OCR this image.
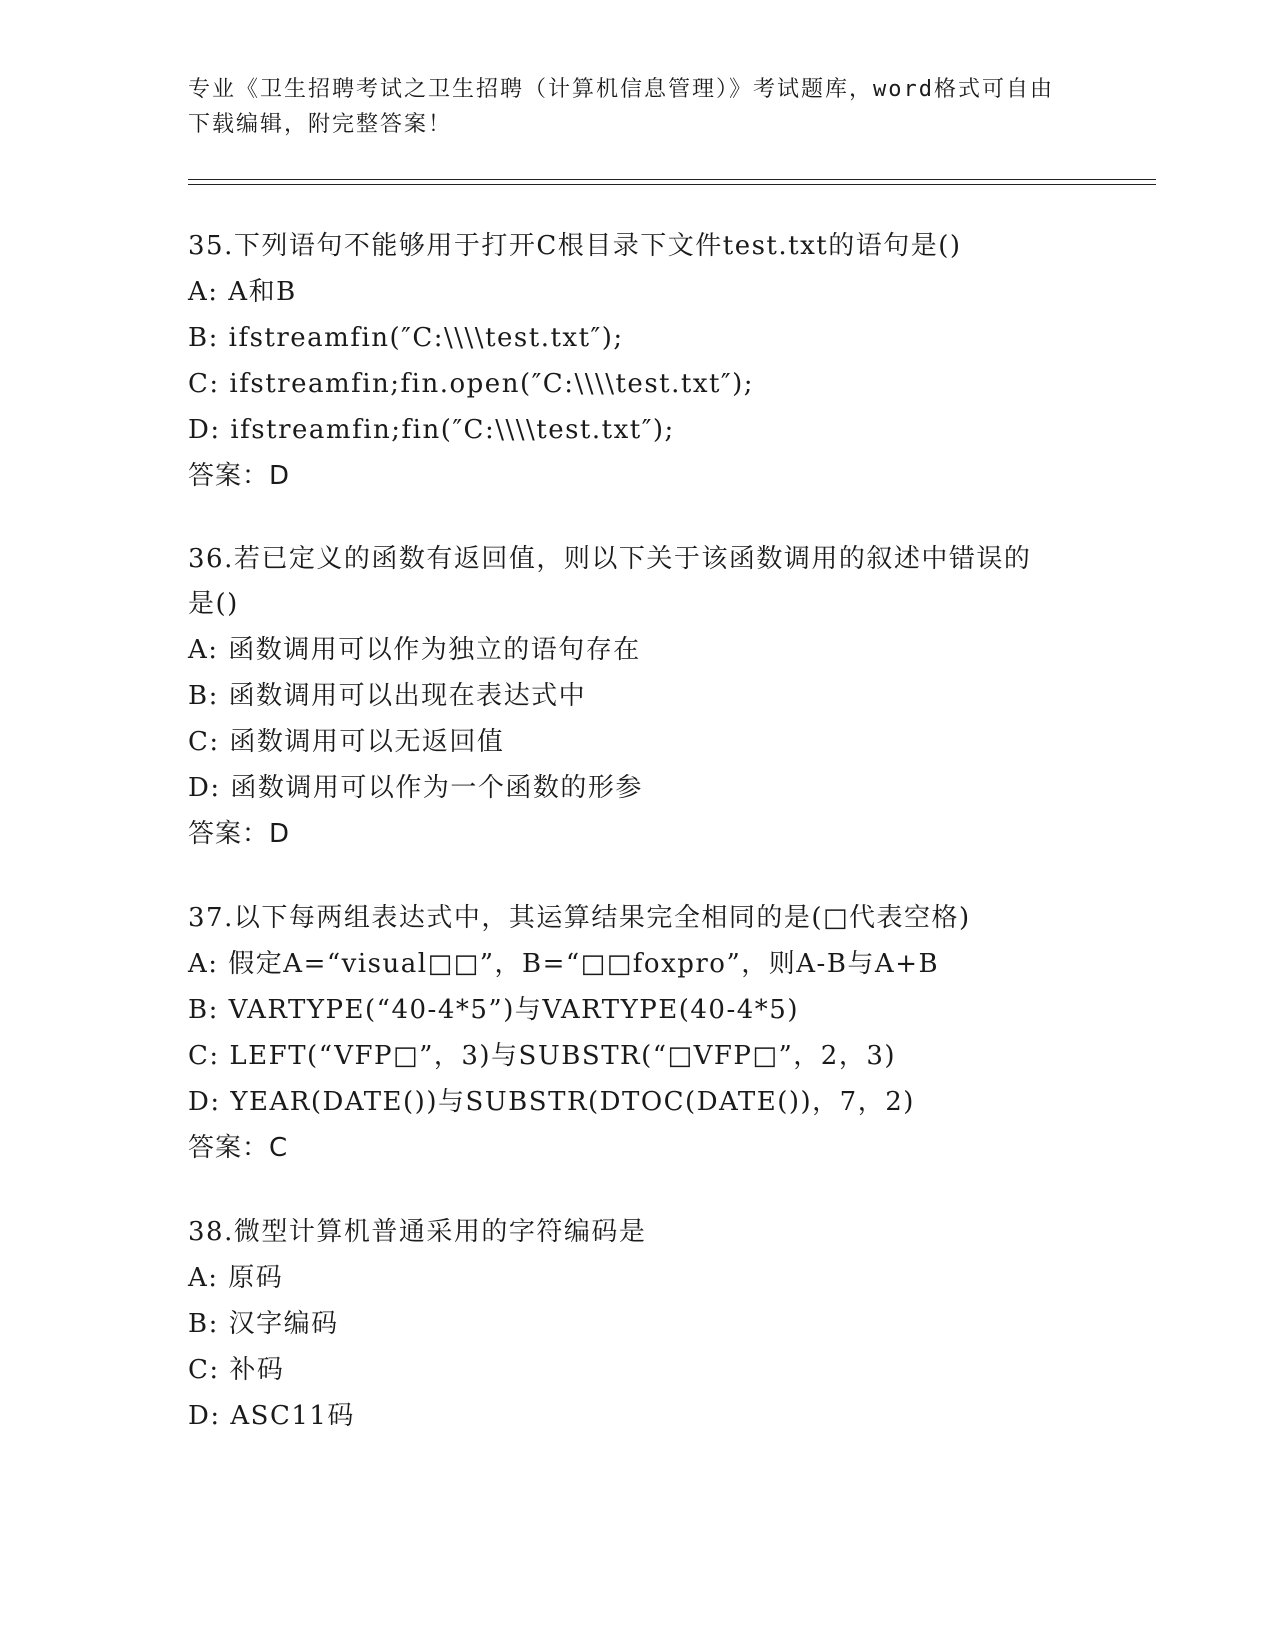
专业《卫生招聘考试之卫生招聘（计算机信息管理）》考试题库，word格式可自由下载编辑，附完整答案！
35.下列语句不能够用于打开C根目录下文件test.txt的语句是()
A: A和B
B: ifstreamfin(″C:\\\\test.txt″);
C: ifstreamfin;fin.open(″C:\\\\test.txt″);
D: ifstreamfin;fin(″C:\\\\test.txt″);
答案：D
36.若已定义的函数有返回值，则以下关于该函数调用的叙述中错误的是()
A: 函数调用可以作为独立的语句存在
B: 函数调用可以出现在表达式中
C: 函数调用可以无返回值
D: 函数调用可以作为一个函数的形参
答案：D
37.以下每两组表达式中，其运算结果完全相同的是(□代表空格)
A: 假定A=“visual□□”，B=“□□foxpro”，则A-B与A+B
B: VARTYPE(“40-4*5”)与VARTYPE(40-4*5)
C: LEFT(“VFP□”，3)与SUBSTR(“□VFP□”，2，3)
D: YEAR(DATE())与SUBSTR(DTOC(DATE())，7，2)
答案：C
38.微型计算机普通采用的字符编码是
A: 原码
B: 汉字编码
C: 补码
D: ASC11码
